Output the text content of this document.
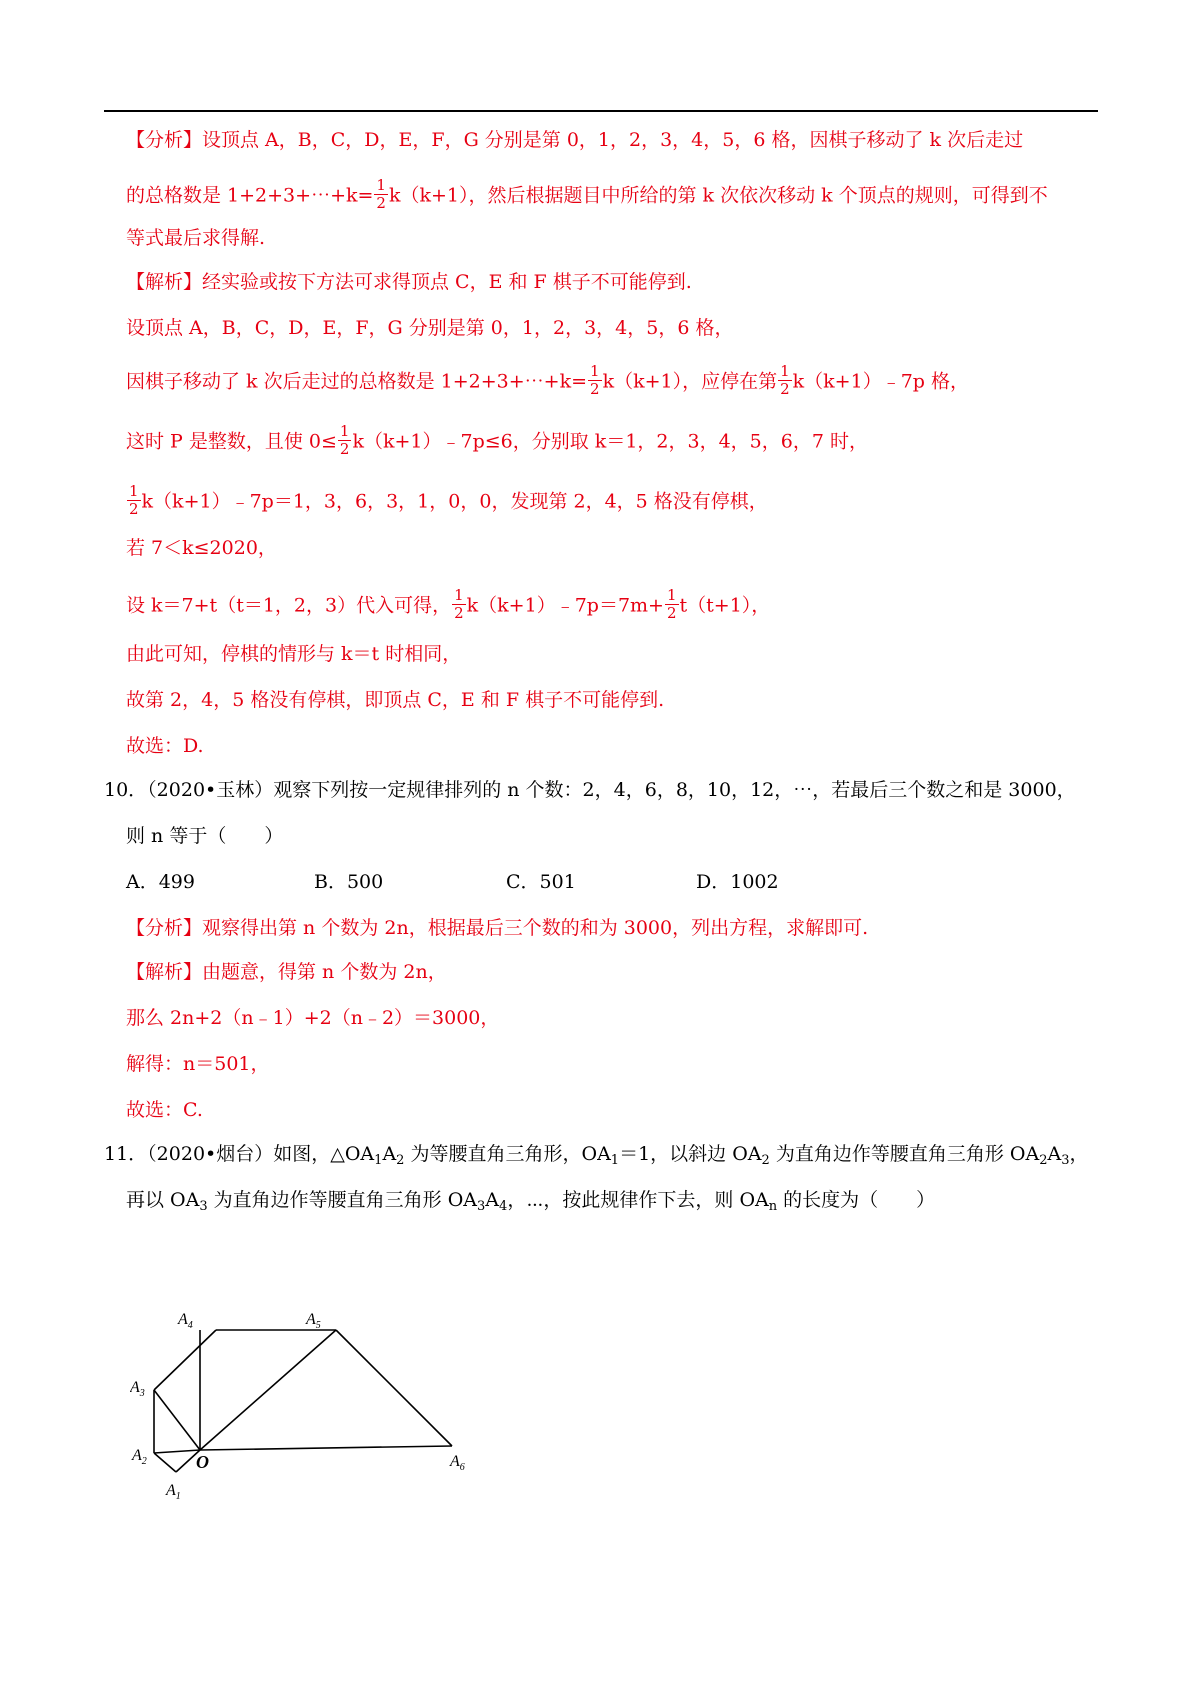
【分析】设顶点 A，B，C，D，E，F，G 分别是第 0，1，2，3，4，5，6 格，因棋子移动了 k 次后走过
的总格数是 1+2+3+⋯+k= $\frac{1}{2} k(k+1)$，然后根据题目中所给的第 k 次依次移动 k 个顶点的规则，可得到不
等式最后求得解.
【解析】经实验或按下方法可求得顶点 C，E 和 F 棋子不可能停到.
设顶点 A，B，C，D，E，F，G 分别是第 0，1，2，3，4，5，6 格，
因棋子移动了 k 次后走过的总格数是 1+2+3+⋯+k= $\frac{1}{2} k(k+1)$，应停在第 $\frac{1}{2}$ k（k+1）﹣7p 格，
这时 P 是整数，且使 $0\le \frac{1}{2}$ k（k+1）﹣7p≤6，分别取 k＝1，2，3，4，5，6，7 时，
$\frac{1}{2}$ k（k+1）﹣7p＝1，3，6，3，1，0，0，发现第 2，4，5 格没有停棋，
若 7＜k≤2020，
设 k＝7+t（t＝1，2，3）代入可得， $\frac{1}{2}$ k（k+1）﹣7p＝7m+ $\frac{1}{2} t(t+1)$，
由此可知，停棋的情形与 k＝t 时相同，
故第 2，4，5 格没有停棋，即顶点 C，E 和 F 棋子不可能停到.
故选：D.
10．（2020•玉林）观察下列按一定规律排列的 n 个数：2，4，6，8，10，12，⋯，若最后三个数之和是 3000，
则 n 等于（　　）
A．499	B．500	C．501	D．1002
【分析】观察得出第 n 个数为 2n，根据最后三个数的和为 3000，列出方程，求解即可.
【解析】由题意，得第 n 个数为 2n，
那么 2n+2（n﹣1）+2（n﹣2）＝3000，
解得：n＝501，
故选：C.
11．（2020•烟台）如图，$\triangle OA_1A_2$ 为等腰直角三角形，$OA_1=1$，以斜边 $OA_2$ 为直角边作等腰直角三角形 $OA_2A_3$，
再以 $OA_3$ 为直角边作等腰直角三角形 $OA_3A_4$，⋯，按此规律作下去，则 $OA_n$ 的长度为（　　）
$A_1$
$A_2$
$A_3$
$A_4$	$A_5$
$A_6$
O
